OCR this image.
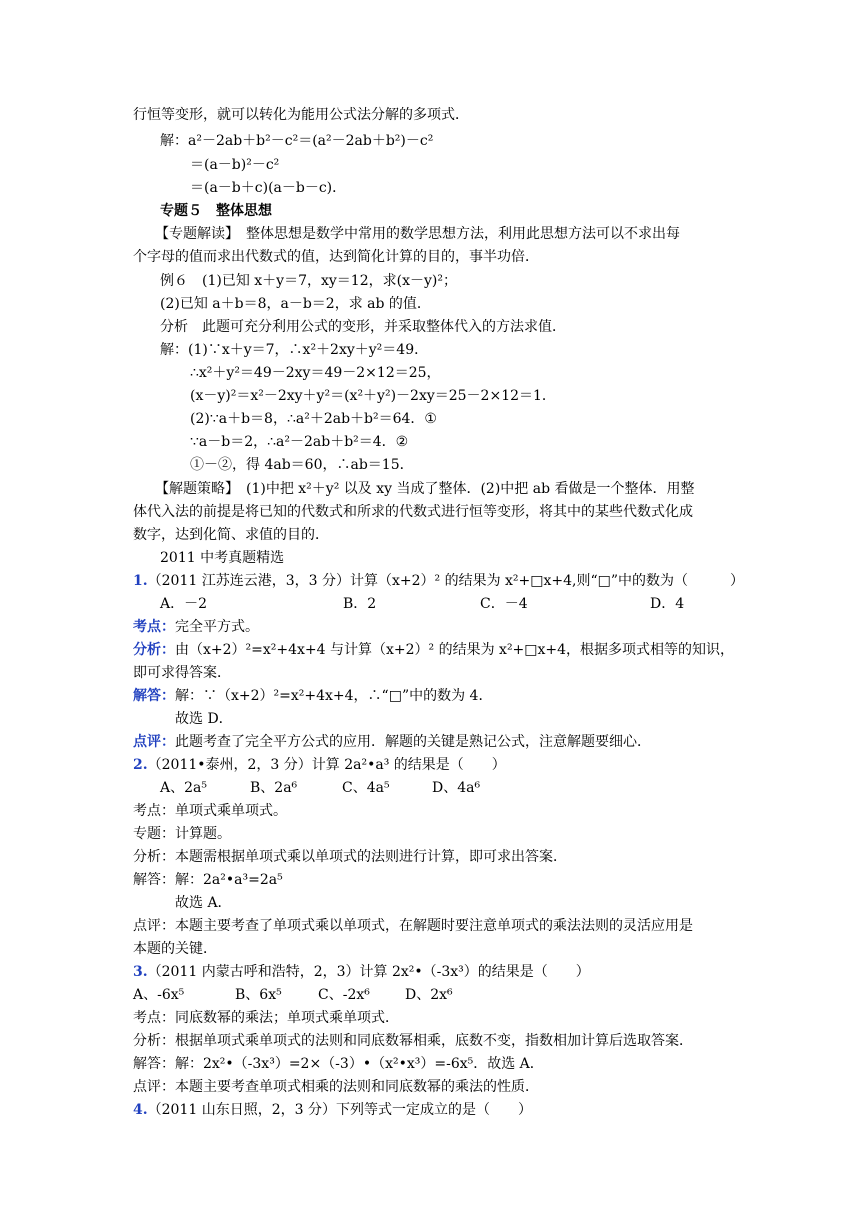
行恒等变形，就可以转化为能用公式法分解的多项式．
解：a²－2ab＋b²－c²＝(a²－2ab＋b²)－c²
＝(a－b)²－c²
＝(a－b＋c)(a－b－c)．
专题５　整体思想
【专题解读】　整体思想是数学中常用的数学思想方法，利用此思想方法可以不求出每
个字母的值而求出代数式的值，达到简化计算的目的，事半功倍．
例６　(1)已知 x＋y＝7，xy＝12，求(x－y)²；
(2)已知 a＋b＝8，a－b＝2，求 ab 的值．
分析　此题可充分利用公式的变形，并采取整体代入的方法求值．
解：(1)∵x＋y＝7，∴x²＋2xy＋y²＝49．
∴x²＋y²＝49－2xy＝49－2×12＝25，
(x－y)²＝x²－2xy＋y²＝(x²＋y²)－2xy＝25－2×12＝1．
(2)∵a＋b＝8，∴a²＋2ab＋b²＝64．①
∵a－b＝2，∴a²－2ab＋b²＝4．②
①－②，得 4ab＝60，∴ab＝15．
【解题策略】　(1)中把 x²＋y² 以及 xy 当成了整体．(2)中把 ab 看做是一个整体．用整
体代入法的前提是将已知的代数式和所求的代数式进行恒等变形，将其中的某些代数式化成
数字，达到化简、求值的目的．
2011 中考真题精选
1.（2011 江苏连云港，3，3 分）计算（x+2）² 的结果为 x²+□x+4,则“□”中的数为（　　　）
A．－2	B．2	C．－4	D．4
考点：完全平方式。
分析：由（x+2）²=x²+4x+4 与计算（x+2）² 的结果为 x²+□x+4，根据多项式相等的知识，
即可求得答案．
解答：解：∵（x+2）²=x²+4x+4，∴“□”中的数为 4．
故选 D．
点评：此题考查了完全平方公式的应用．解题的关键是熟记公式，注意解题要细心．
2.（2011•泰州，2，3 分）计算 2a²•a³ 的结果是（　　）
A、2a⁵	B、2a⁶	C、4a⁵	D、4a⁶
考点：单项式乘单项式。
专题：计算题。
分析：本题需根据单项式乘以单项式的法则进行计算，即可求出答案．
解答：解：2a²•a³=2a⁵
故选 A．
点评：本题主要考查了单项式乘以单项式，在解题时要注意单项式的乘法法则的灵活应用是
本题的关键．
3.（2011 内蒙古呼和浩特，2，3）计算 2x²•（-3x³）的结果是（　　）
A、-6x⁵	B、6x⁵	C、-2x⁶	D、2x⁶
考点：同底数幂的乘法；单项式乘单项式．
分析：根据单项式乘单项式的法则和同底数幂相乘，底数不变，指数相加计算后选取答案．
解答：解：2x²•（-3x³）=2×（-3）•（x²•x³）=-6x⁵．故选 A．
点评：本题主要考查单项式相乘的法则和同底数幂的乘法的性质．
4.（2011 山东日照，2，3 分）下列等式一定成立的是（　　）
